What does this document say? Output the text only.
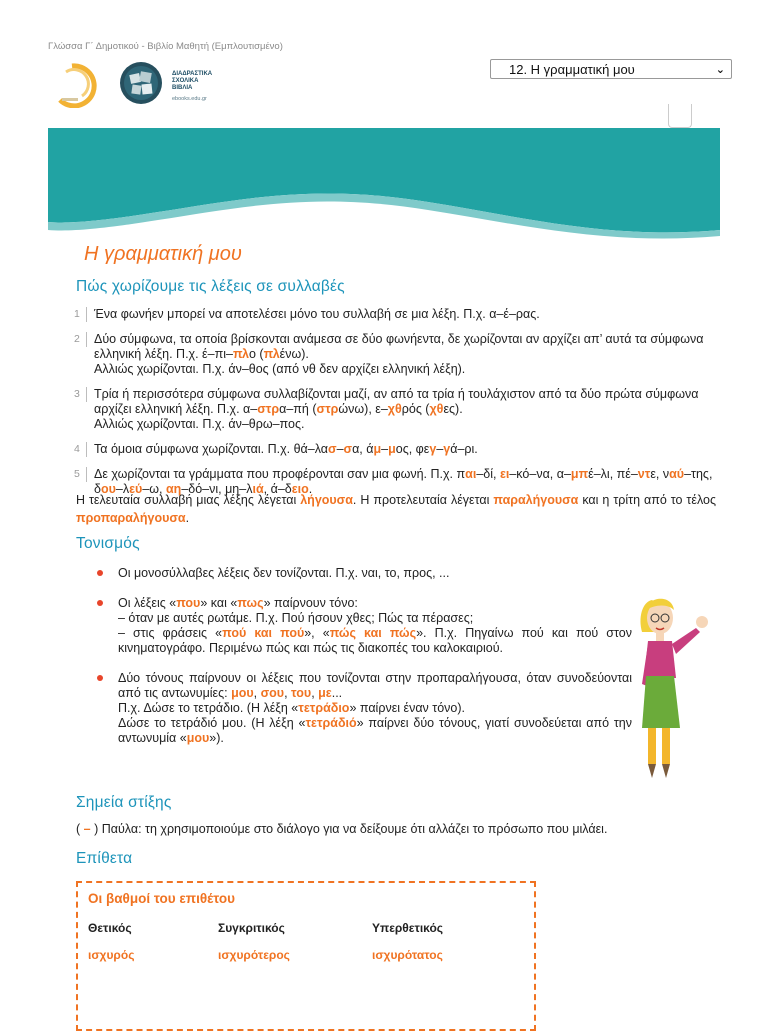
Γλώσσα Γ΄ Δημοτικού - Βιβλίο Μαθητή (Εμπλουτισμένο)
ΔΙΑΔΡΑΣΤΙΚΑ
ΣΧΟΛΙΚΑ
ΒΙΒΛΙΑ
ebooks.edu.gr
12. Η γραμματική μου	⌄
Η γραμματική μου
Πώς χωρίζουμε τις λέξεις σε συλλαβές
1	Ένα φωνήεν μπορεί να αποτελέσει μόνο του συλλαβή σε μια λέξη. Π.χ. α–έ–ρας.
2	Δύο σύμφωνα, τα οποία βρίσκονται ανάμεσα σε δύο φωνήεντα, δε χωρίζονται αν αρχίζει απ’ αυτά τα σύμφωνα ελληνική λέξη. Π.χ. έ–πι–πλο (πλένω).
Αλλιώς χωρίζονται. Π.χ. άν–θος (από νθ δεν αρχίζει ελληνική λέξη).
3	Τρία ή περισσότερα σύμφωνα συλλαβίζονται μαζί, αν από τα τρία ή τουλάχιστον από τα δύο πρώτα σύμφωνα αρχίζει ελληνική λέξη. Π.χ. α–στρα–πή (στρώνω), ε–χθρός (χθες).
Αλλιώς χωρίζονται. Π.χ. άν–θρω–πος.
4	Τα όμοια σύμφωνα χωρίζονται. Π.χ. θά–λασ–σα, άμ–μος, φεγ–γά–ρι.
5	Δε χωρίζονται τα γράμματα που προφέρονται σαν μια φωνή. Π.χ. παι–δί, ει–κό–να, α–μπέ–λι, πέ–ντε, ναύ–της, δου–λεύ–ω, αη–δό–νι, μη–λιά, ά–δειο.
Η τελευταία συλλαβή μιας λέξης λέγεται λήγουσα. Η προτελευταία λέγεται παραλήγουσα και η τρίτη από το τέλος προπαραλήγουσα.
Τονισμός
Οι μονοσύλλαβες λέξεις δεν τονίζονται. Π.χ. ναι, το, προς, ...
Οι λέξεις «που» και «πως» παίρνουν τόνο:
– όταν με αυτές ρωτάμε. Π.χ. Πού ήσουν χθες; Πώς τα πέρασες;
– στις φράσεις «πού και πού», «πώς και πώς». Π.χ. Πηγαίνω πού και πού στον κινηματογράφο. Περιμένω πώς και πώς τις διακοπές του καλοκαιριού.
Δύο τόνους παίρνουν οι λέξεις που τονίζονται στην προπαραλήγουσα, όταν συνοδεύονται από τις αντωνυμίες: μου, σου, του, με...
Π.χ. Δώσε το τετράδιο. (Η λέξη «τετράδιο» παίρνει έναν τόνο).
Δώσε το τετράδιό μου. (Η λέξη «τετράδιό» παίρνει δύο τόνους, γιατί συνοδεύεται από την αντωνυμία «μου»).
Σημεία στίξης
( – ) Παύλα: τη χρησιμοποιούμε στο διάλογο για να δείξουμε ότι αλλάζει το πρόσωπο που μιλάει.
Επίθετα
Οι βαθμοί του επιθέτου
Θετικός	Συγκριτικός	Υπερθετικός
ισχυρός	ισχυρότερος	ισχυρότατος
